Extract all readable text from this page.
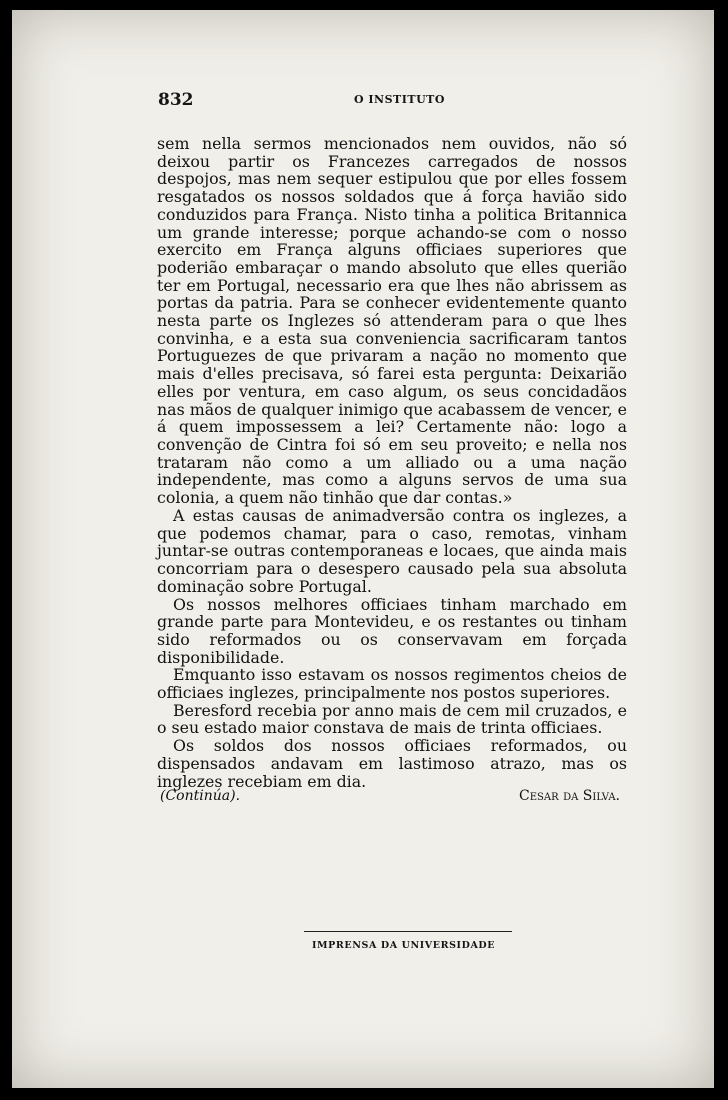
832	O INSTITUTO

sem nella sermos mencionados nem ouvidos, não só deixou partir os Francezes carregados de nossos despojos, mas nem sequer estipulou que por elles fossem resgatados os nossos soldados que á força havião sido conduzidos para França. Nisto tinha a politica Britannica um grande interesse; porque achando-se com o nosso exercito em França alguns officiaes superiores que poderião embaraçar o mando absoluto que elles querião ter em Portugal, necessario era que lhes não abrissem as portas da patria. Para se conhecer evidentemente quanto nesta parte os Inglezes só attenderam para o que lhes convinha, e a esta sua conveniencia sacrificaram tantos Portuguezes de que privaram a nação no momento que mais d'elles precisava, só farei esta pergunta: Deixarião elles por ventura, em caso algum, os seus concidadãos nas mãos de qualquer inimigo que acabassem de vencer, e á quem impossessem a lei? Certamente não: logo a convenção de Cintra foi só em seu proveito; e nella nos trataram não como a um alliado ou a uma nação independente, mas como a alguns servos de uma sua colonia, a quem não tinhão que dar contas.»

A estas causas de animadversão contra os inglezes, a que podemos chamar, para o caso, remotas, vinham juntar-se outras contemporaneas e locaes, que ainda mais concorriam para o desespero causado pela sua absoluta dominação sobre Portugal.

Os nossos melhores officiaes tinham marchado em grande parte para Montevideu, e os restantes ou tinham sido reformados ou os conservavam em forçada disponibilidade.

Emquanto isso estavam os nossos regimentos cheios de officiaes inglezes, principalmente nos postos superiores.

Beresford recebia por anno mais de cem mil cruzados, e o seu estado maior constava de mais de trinta officiaes.

Os soldos dos nossos officiaes reformados, ou dispensados andavam em lastimoso atrazo, mas os inglezes recebiam em dia.

(Continúa).	Cesar da Silva.
IMPRENSA DA UNIVERSIDADE
